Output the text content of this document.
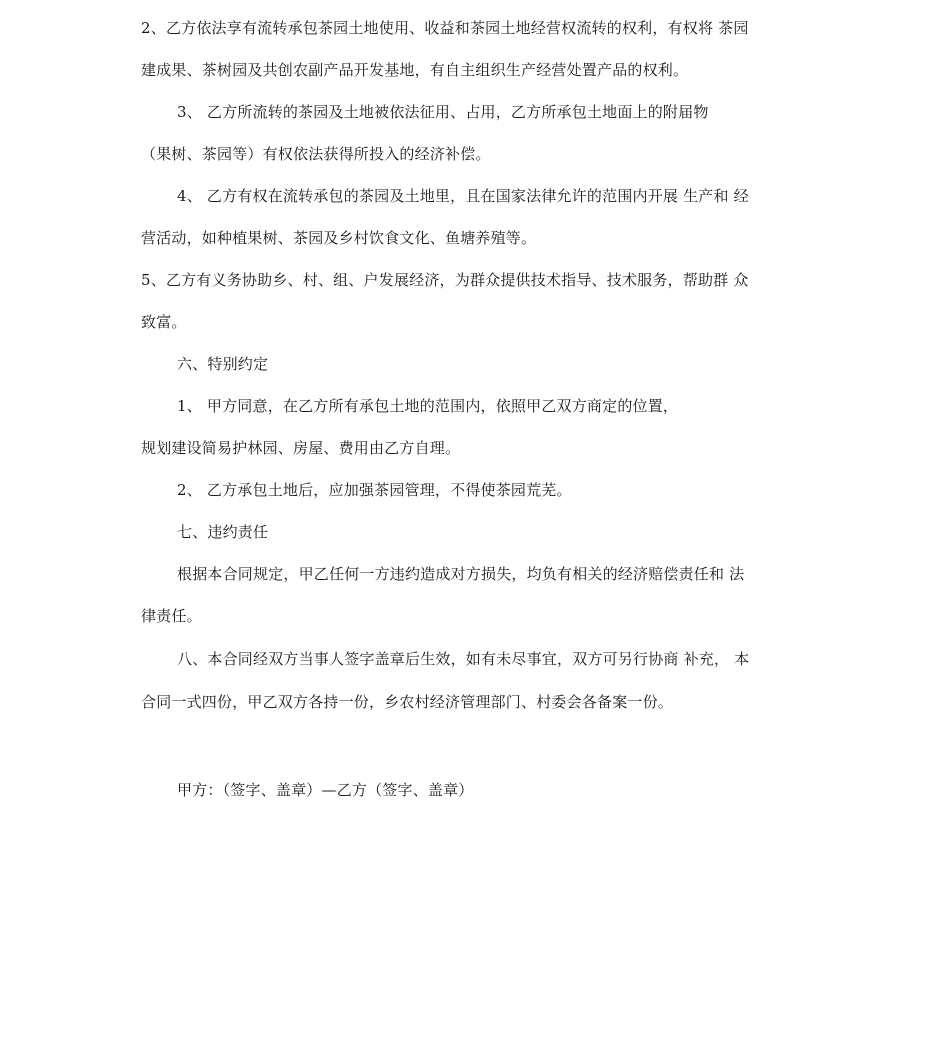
2、乙方依法享有流转承包茶园土地使用、收益和茶园土地经营权流转的权利，有权将 茶园
建成果、茶树园及共创农副产品开发基地，有自主组织生产经营处置产品的权利。
3、 乙方所流转的茶园及土地被依法征用、占用，乙方所承包土地面上的附届物
（果树、茶园等）有权依法获得所投入的经济补偿。
4、 乙方有权在流转承包的茶园及土地里，且在国家法律允许的范围内开展 生产和 经
营活动，如种植果树、茶园及乡村饮食文化、鱼塘养殖等。
5、乙方有义务协助乡、村、组、户发展经济，为群众提供技术指导、技术服务，帮助群 众
致富。
六、特别约定
1、 甲方同意，在乙方所有承包土地的范围内，依照甲乙双方商定的位置，
规划建设简易护林园、房屋、费用由乙方自理。
2、 乙方承包土地后，应加强茶园管理，不得使茶园荒芜。
七、违约责任
根据本合同规定，甲乙任何一方违约造成对方损失，均负有相关的经济赔偿责任和 法
律责任。
八、本合同经双方当事人签字盖章后生效，如有未尽事宜，双方可另行协商 补充， 本
合同一式四份，甲乙双方各持一份，乡农村经济管理部门、村委会各备案一份。
甲方：（签字、盖章）—乙方（签字、盖章）
